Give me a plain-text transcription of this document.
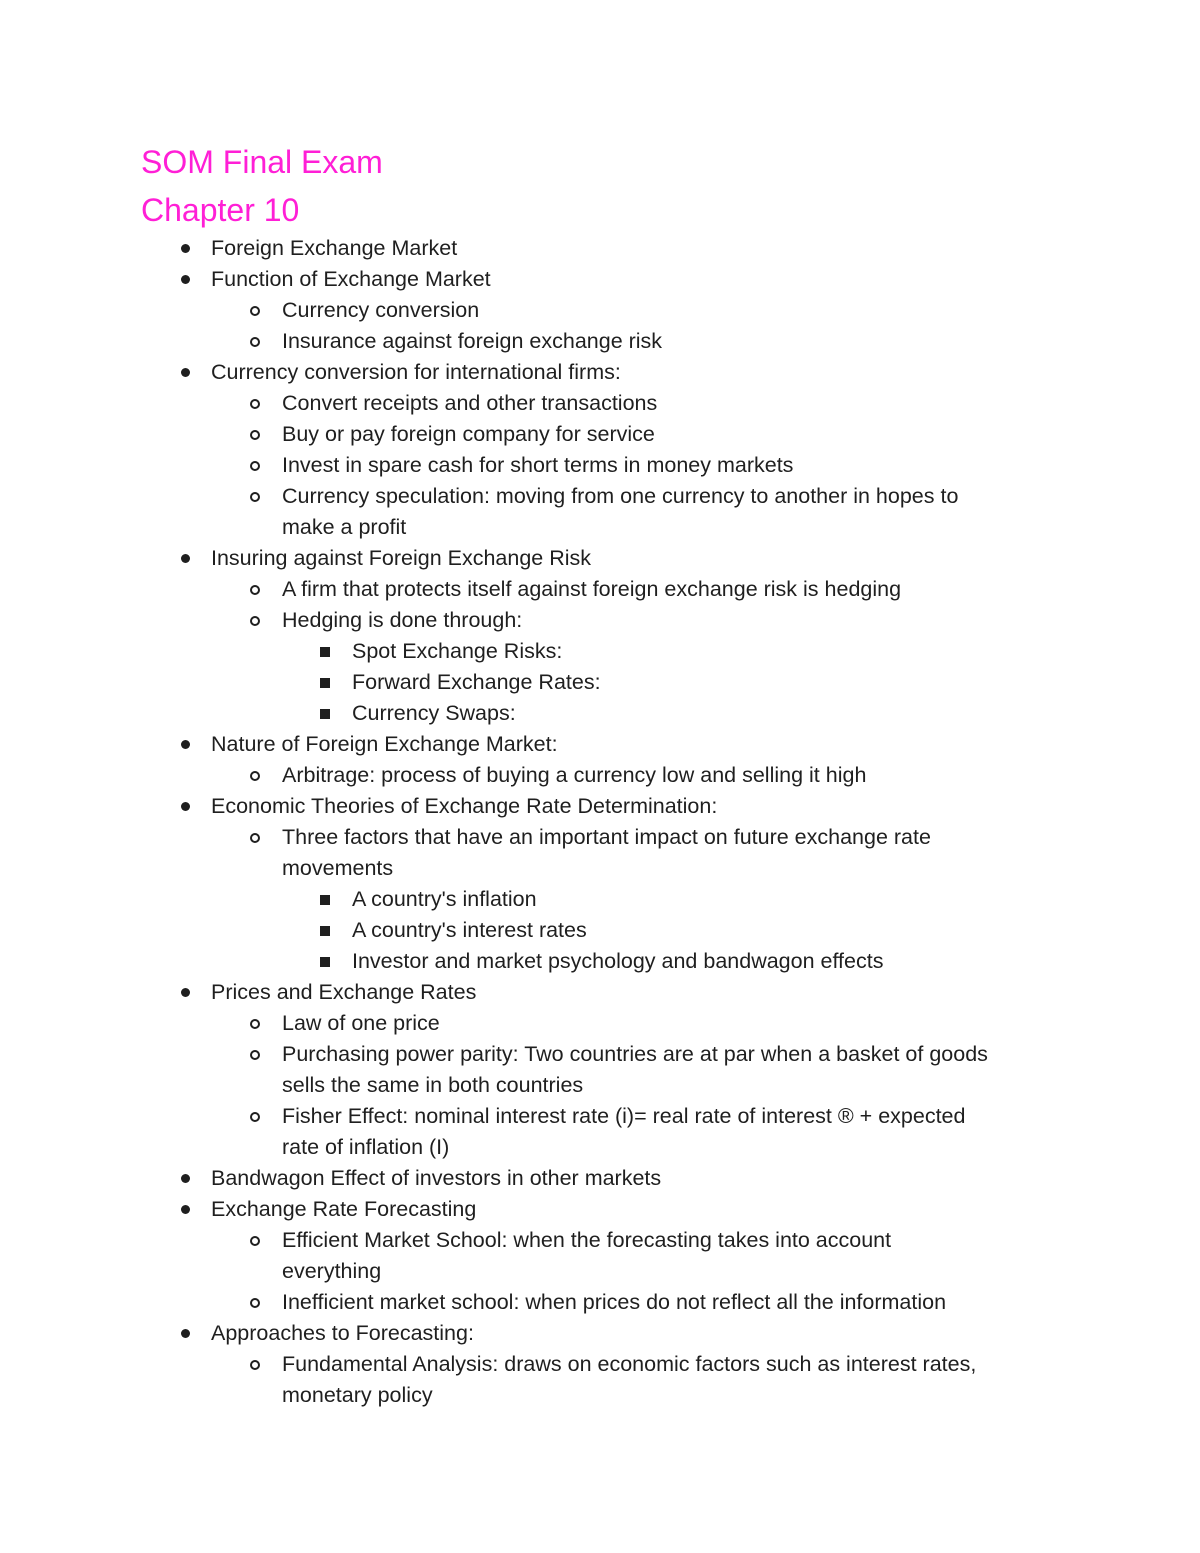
SOM Final Exam
Chapter 10
Foreign Exchange Market
Function of Exchange Market
Currency conversion
Insurance against foreign exchange risk
Currency conversion for international firms:
Convert receipts and other transactions
Buy or pay foreign company for service
Invest in spare cash for short terms in money markets
Currency speculation: moving from one currency to another in hopes to
make a profit
Insuring against Foreign Exchange Risk
A firm that protects itself against foreign exchange risk is hedging
Hedging is done through:
Spot Exchange Risks:
Forward Exchange Rates:
Currency Swaps:
Nature of Foreign Exchange Market:
Arbitrage: process of buying a currency low and selling it high
Economic Theories of Exchange Rate Determination:
Three factors that have an important impact on future exchange rate
movements
A country's inflation
A country's interest rates
Investor and market psychology and bandwagon effects
Prices and Exchange Rates
Law of one price
Purchasing power parity: Two countries are at par when a basket of goods
sells the same in both countries
Fisher Effect: nominal interest rate (i)= real rate of interest ® + expected
rate of inflation (I)
Bandwagon Effect of investors in other markets
Exchange Rate Forecasting
Efficient Market School: when the forecasting takes into account
everything
Inefficient market school: when prices do not reflect all the information
Approaches to Forecasting:
Fundamental Analysis: draws on economic factors such as interest rates,
monetary policy
